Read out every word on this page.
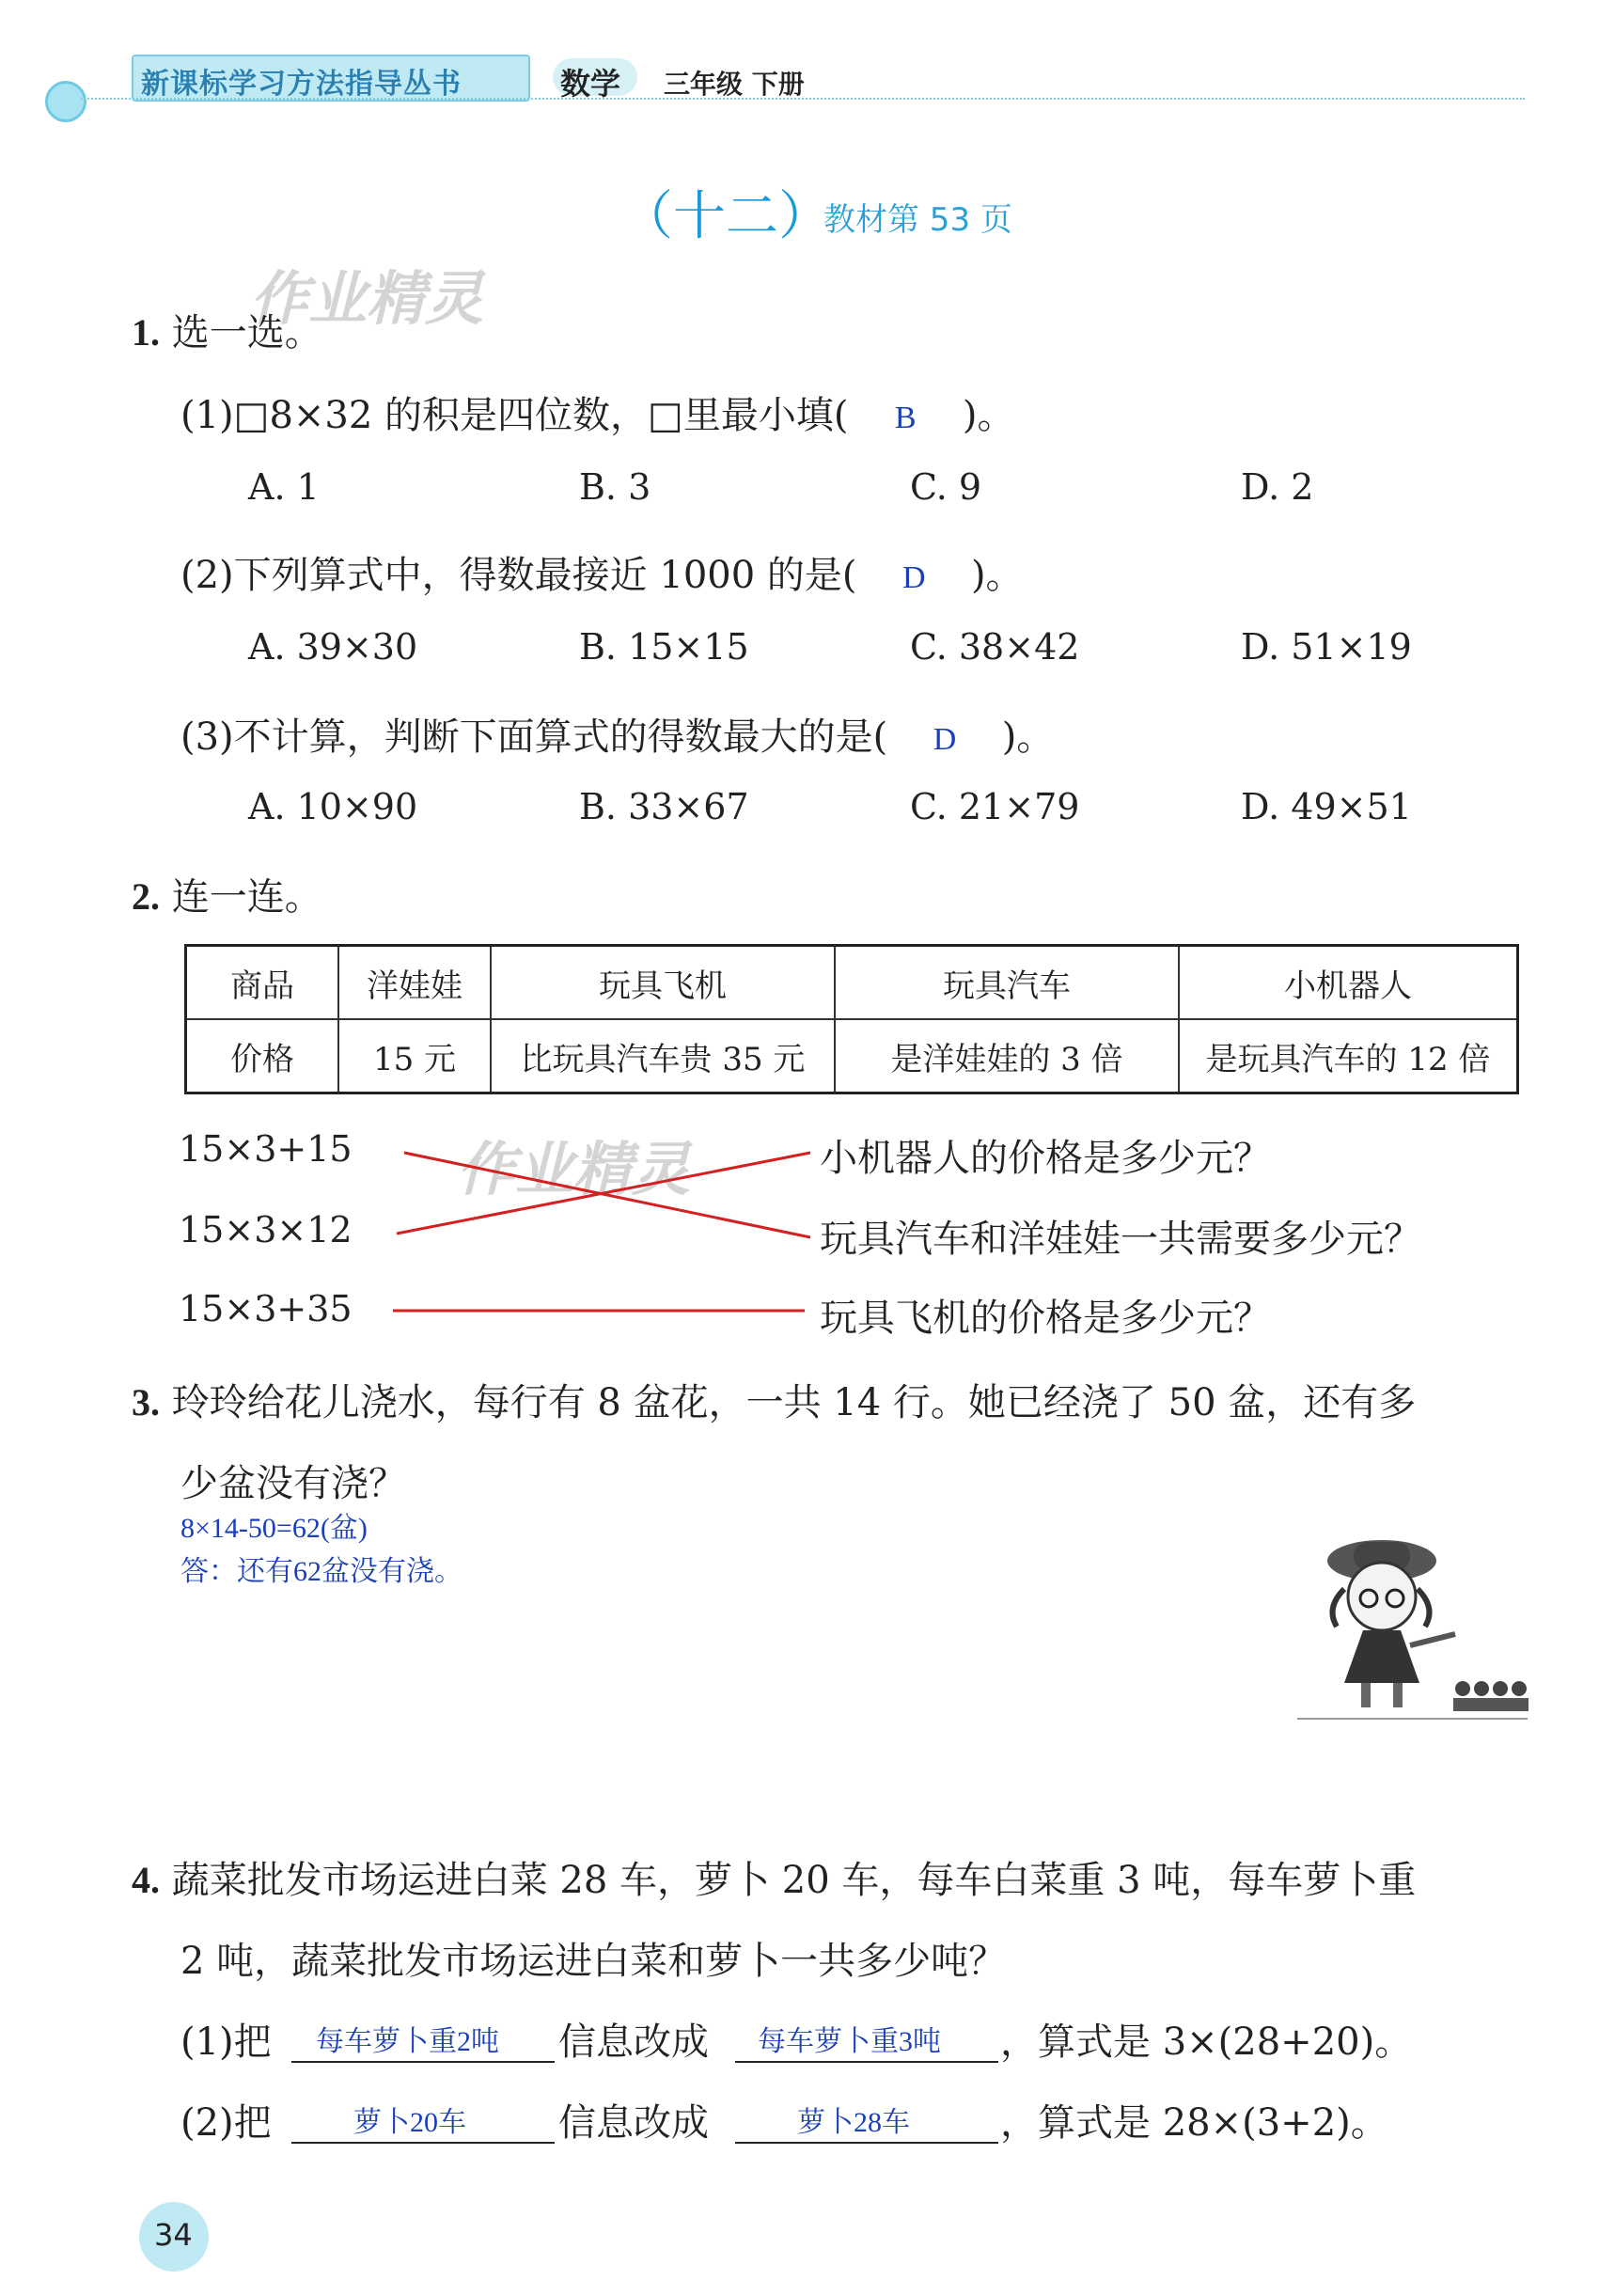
新课标学习方法指导丛书	数学 三年级 下册
（十二）
教材第 53 页
作业精灵
作业精灵
1. 选一选。
(1)□8×32 的积是四位数，□里最小填( B )。
A. 1	B. 3	C. 9	D. 2
(2)下列算式中，得数最接近 1000 的是( D )。
A. 39×30	B. 15×15	C. 38×42	D. 51×19
(3)不计算，判断下面算式的得数最大的是( D )。
A. 10×90	B. 33×67	C. 21×79	D. 49×51
2. 连一连。
商品	洋娃娃	玩具飞机	玩具汽车	小机器人
价格	15 元	比玩具汽车贵 35 元	是洋娃娃的 3 倍	是玩具汽车的 12 倍
15×3+15
15×3×12
15×3+35
小机器人的价格是多少元？
玩具汽车和洋娃娃一共需要多少元？
玩具飞机的价格是多少元？
3. 玲玲给花儿浇水，每行有 8 盆花，一共 14 行。她已经浇了 50 盆，还有多
少盆没有浇？
8×14-50=62(盆)
答：还有62盆没有浇。
4. 蔬菜批发市场运进白菜 28 车，萝卜 20 车，每车白菜重 3 吨，每车萝卜重
2 吨，蔬菜批发市场运进白菜和萝卜一共多少吨？
(1)把 每车萝卜重2吨 信息改成 每车萝卜重3吨 ，算式是 3×(28+20)。
(2)把	萝卜20车 信息改成	萝卜28车 ，算式是 28×(3+2)。
34
